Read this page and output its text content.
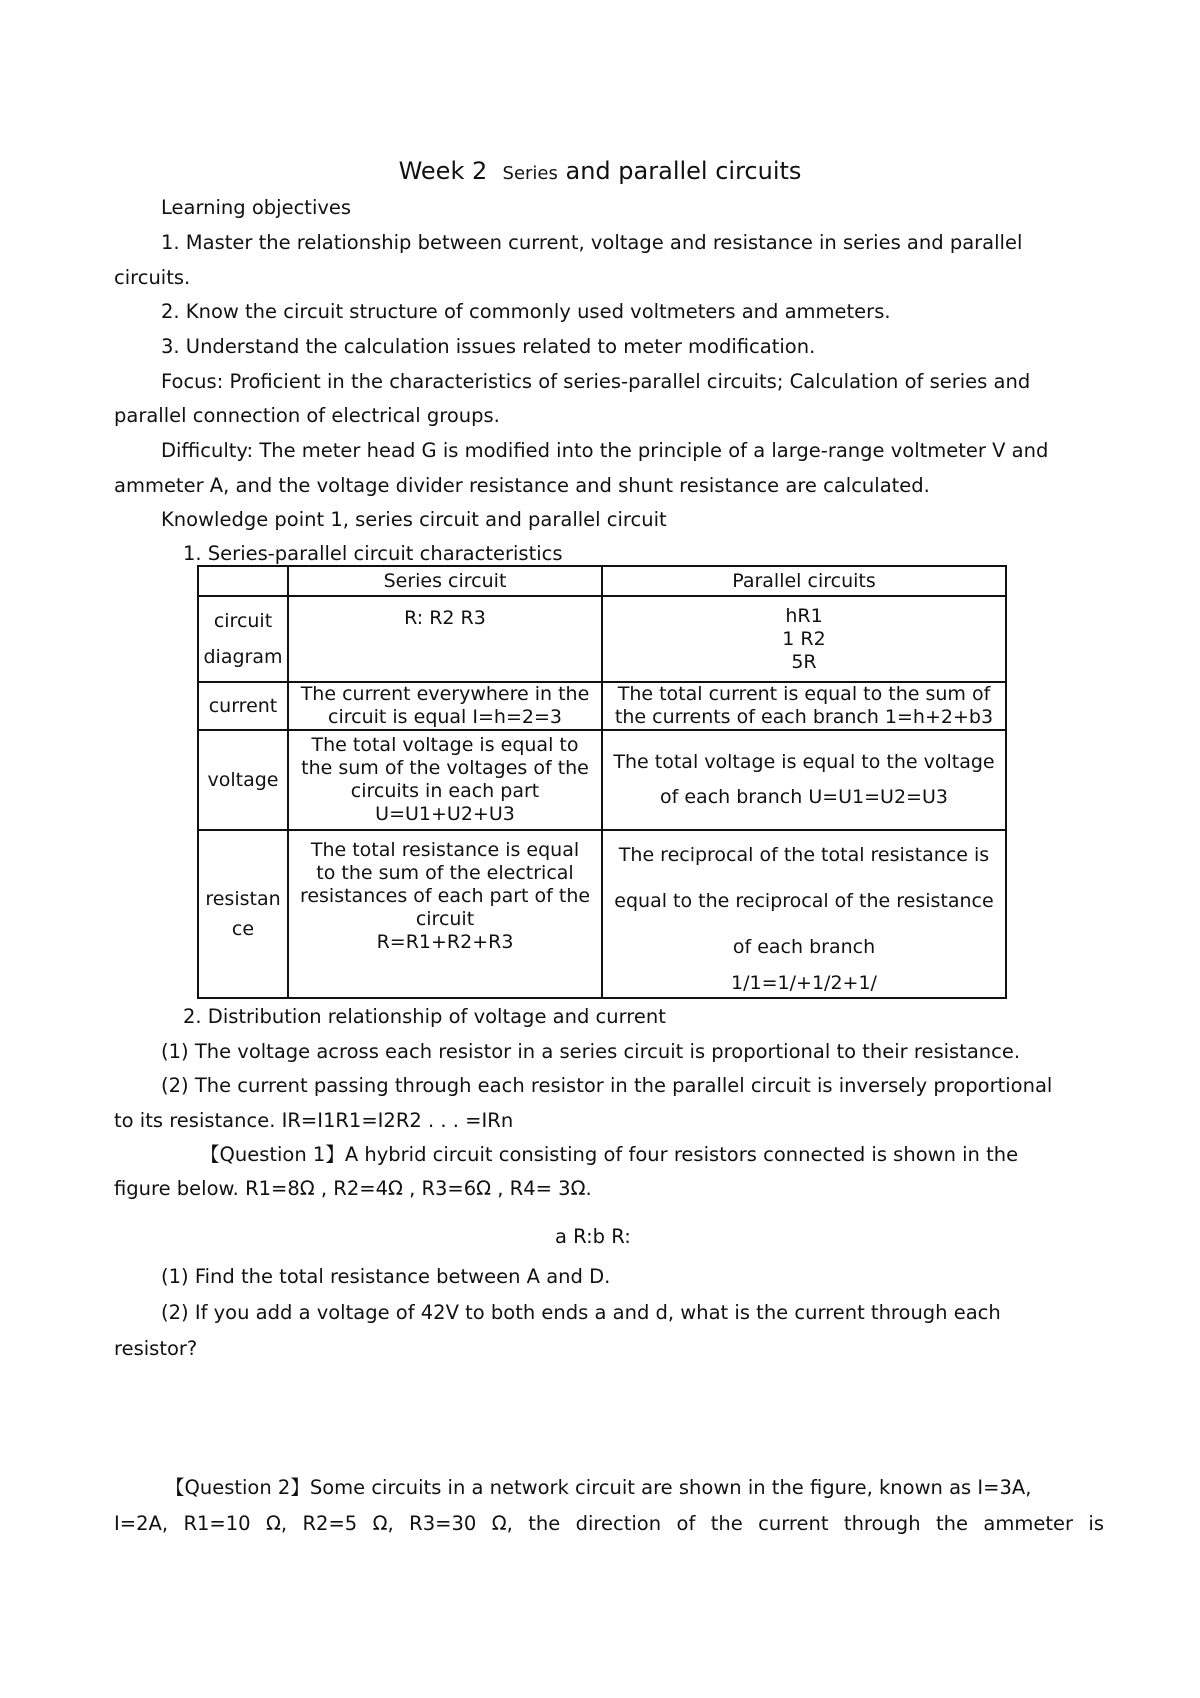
Week 2 Series and parallel circuits
Learning objectives
1. Master the relationship between current, voltage and resistance in series and parallel
circuits.
2. Know the circuit structure of commonly used voltmeters and ammeters.
3. Understand the calculation issues related to meter modification.
Focus: Proficient in the characteristics of series-parallel circuits; Calculation of series and
parallel connection of electrical groups.
Difficulty: The meter head G is modified into the principle of a large-range voltmeter V and
ammeter A, and the voltage divider resistance and shunt resistance are calculated.
Knowledge point 1, series circuit and parallel circuit
1. Series-parallel circuit characteristics
	Series circuit	Parallel circuits

circuit
diagram	R: R2 R3	hR1
1 R2
5R

current	The current everywhere in the
circuit is equal I=h=2=3	The total current is equal to the sum of
the currents of each branch 1=h+2+b3

voltage	The total voltage is equal to
the sum of the voltages of the
circuits in each part
U=U1+U2+U3	The total voltage is equal to the voltage
of each branch U=U1=U2=U3

resistan
ce	The total resistance is equal
to the sum of the electrical
resistances of each part of the
circuit
R=R1+R2+R3	The reciprocal of the total resistance is
equal to the reciprocal of the resistance
of each branch
1/1=1/+1/2+1/
2. Distribution relationship of voltage and current
(1) The voltage across each resistor in a series circuit is proportional to their resistance.
(2) The current passing through each resistor in the parallel circuit is inversely proportional
to its resistance. IR=I1R1=I2R2 . . . =IRn
【Question 1】A hybrid circuit consisting of four resistors connected is shown in the
figure below. R1=8Ω , R2=4Ω , R3=6Ω , R4= 3Ω.
a R:b R:
(1) Find the total resistance between A and D.
(2) If you add a voltage of 42V to both ends a and d, what is the current through each
resistor?
【Question 2】Some circuits in a network circuit are shown in the figure, known as I=3A,
I=2A, R1=10 Ω, R2=5 Ω, R3=30 Ω, the direction of the current through the ammeter is
